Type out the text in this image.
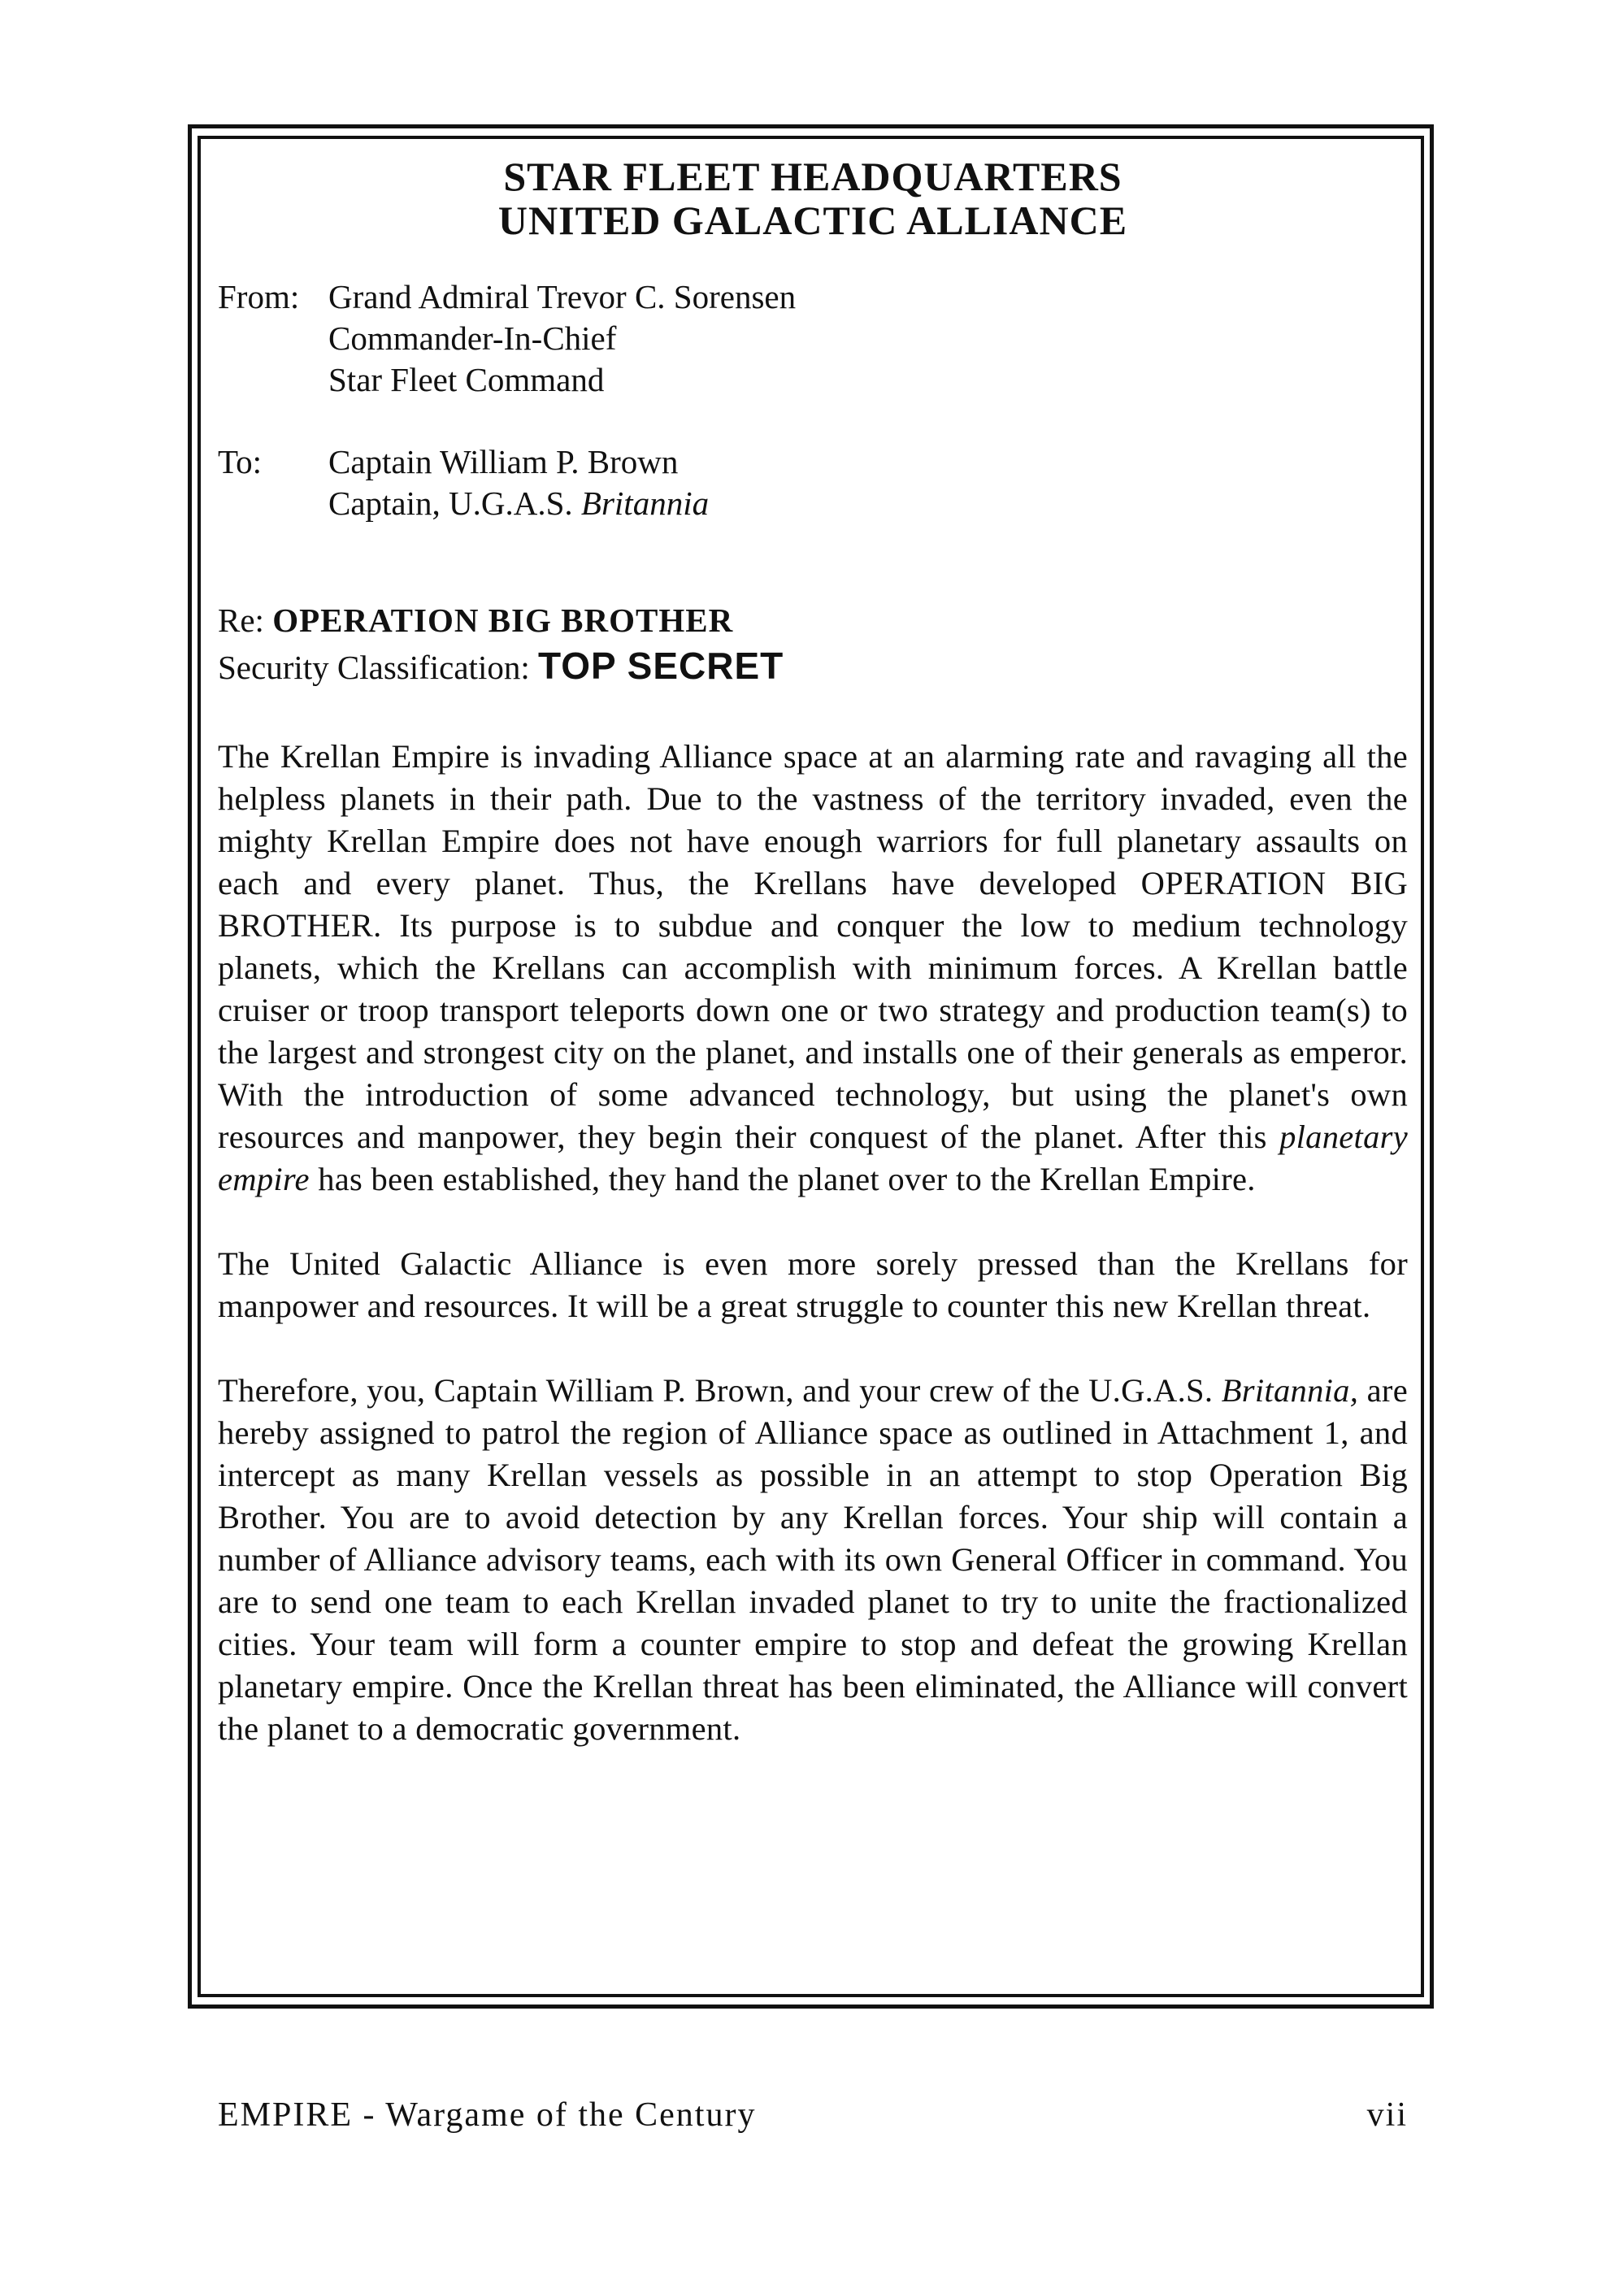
STAR FLEET HEADQUARTERS
UNITED GALACTIC ALLIANCE
From: Grand Admiral Trevor C. Sorensen
Commander-In-Chief
Star Fleet Command
To:	Captain William P. Brown
Captain, U.G.A.S. Britannia
Re: OPERATION BIG BROTHER
Security Classification: TOP SECRET

The Krellan Empire is invading Alliance space at an alarming rate and ravaging all the helpless planets in their path. Due to the vastness of the territory invaded, even the mighty Krellan Empire does not have enough warriors for full planetary assaults on each and every planet. Thus, the Krellans have developed OPERATION BIG BROTHER. Its purpose is to subdue and conquer the low to medium technology planets, which the Krellans can accomplish with minimum forces. A Krellan battle cruiser or troop transport teleports down one or two strategy and production team(s) to the largest and strongest city on the planet, and installs one of their generals as emperor. With the introduction of some advanced technology, but using the planet's own resources and manpower, they begin their conquest of the planet. After this planetary empire has been established, they hand the planet over to the Krellan Empire.

The United Galactic Alliance is even more sorely pressed than the Krellans for manpower and resources. It will be a great struggle to counter this new Krellan threat.

Therefore, you, Captain William P. Brown, and your crew of the U.G.A.S. Britannia, are hereby assigned to patrol the region of Alliance space as outlined in Attachment 1, and intercept as many Krellan vessels as possible in an attempt to stop Operation Big Brother. You are to avoid detection by any Krellan forces. Your ship will contain a number of Alliance advisory teams, each with its own General Officer in command. You are to send one team to each Krellan invaded planet to try to unite the fractionalized cities. Your team will form a counter empire to stop and defeat the growing Krellan planetary empire. Once the Krellan threat has been eliminated, the Alliance will convert the planet to a democratic government.

EMPIRE - Wargame of the Century	vii
